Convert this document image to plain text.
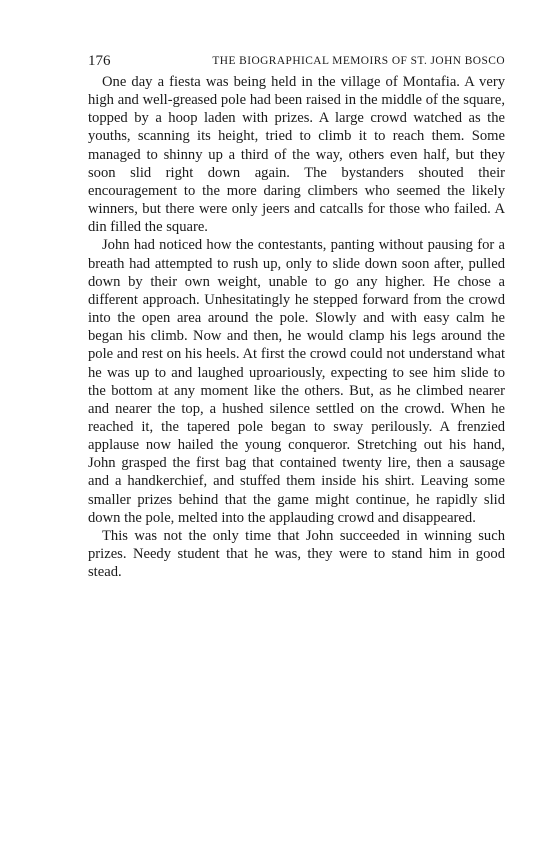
176	THE BIOGRAPHICAL MEMOIRS OF ST. JOHN BOSCO

One day a fiesta was being held in the village of Montafia. A very high and well-greased pole had been raised in the middle of the square, topped by a hoop laden with prizes. A large crowd watched as the youths, scanning its height, tried to climb it to reach them. Some managed to shinny up a third of the way, others even half, but they soon slid right down again. The bystanders shouted their encouragement to the more daring climbers who seemed the likely winners, but there were only jeers and catcalls for those who failed. A din filled the square.

John had noticed how the contestants, panting without pausing for a breath had attempted to rush up, only to slide down soon after, pulled down by their own weight, unable to go any higher. He chose a different approach. Unhesitatingly he stepped forward from the crowd into the open area around the pole. Slowly and with easy calm he began his climb. Now and then, he would clamp his legs around the pole and rest on his heels. At first the crowd could not understand what he was up to and laughed uproariously, expecting to see him slide to the bottom at any moment like the others. But, as he climbed nearer and nearer the top, a hushed silence settled on the crowd. When he reached it, the tapered pole began to sway perilously. A frenzied applause now hailed the young conqueror. Stretching out his hand, John grasped the first bag that contained twenty lire, then a sausage and a handkerchief, and stuffed them inside his shirt. Leaving some smaller prizes behind that the game might continue, he rapidly slid down the pole, melted into the applauding crowd and disappeared.

This was not the only time that John succeeded in winning such prizes. Needy student that he was, they were to stand him in good stead.
